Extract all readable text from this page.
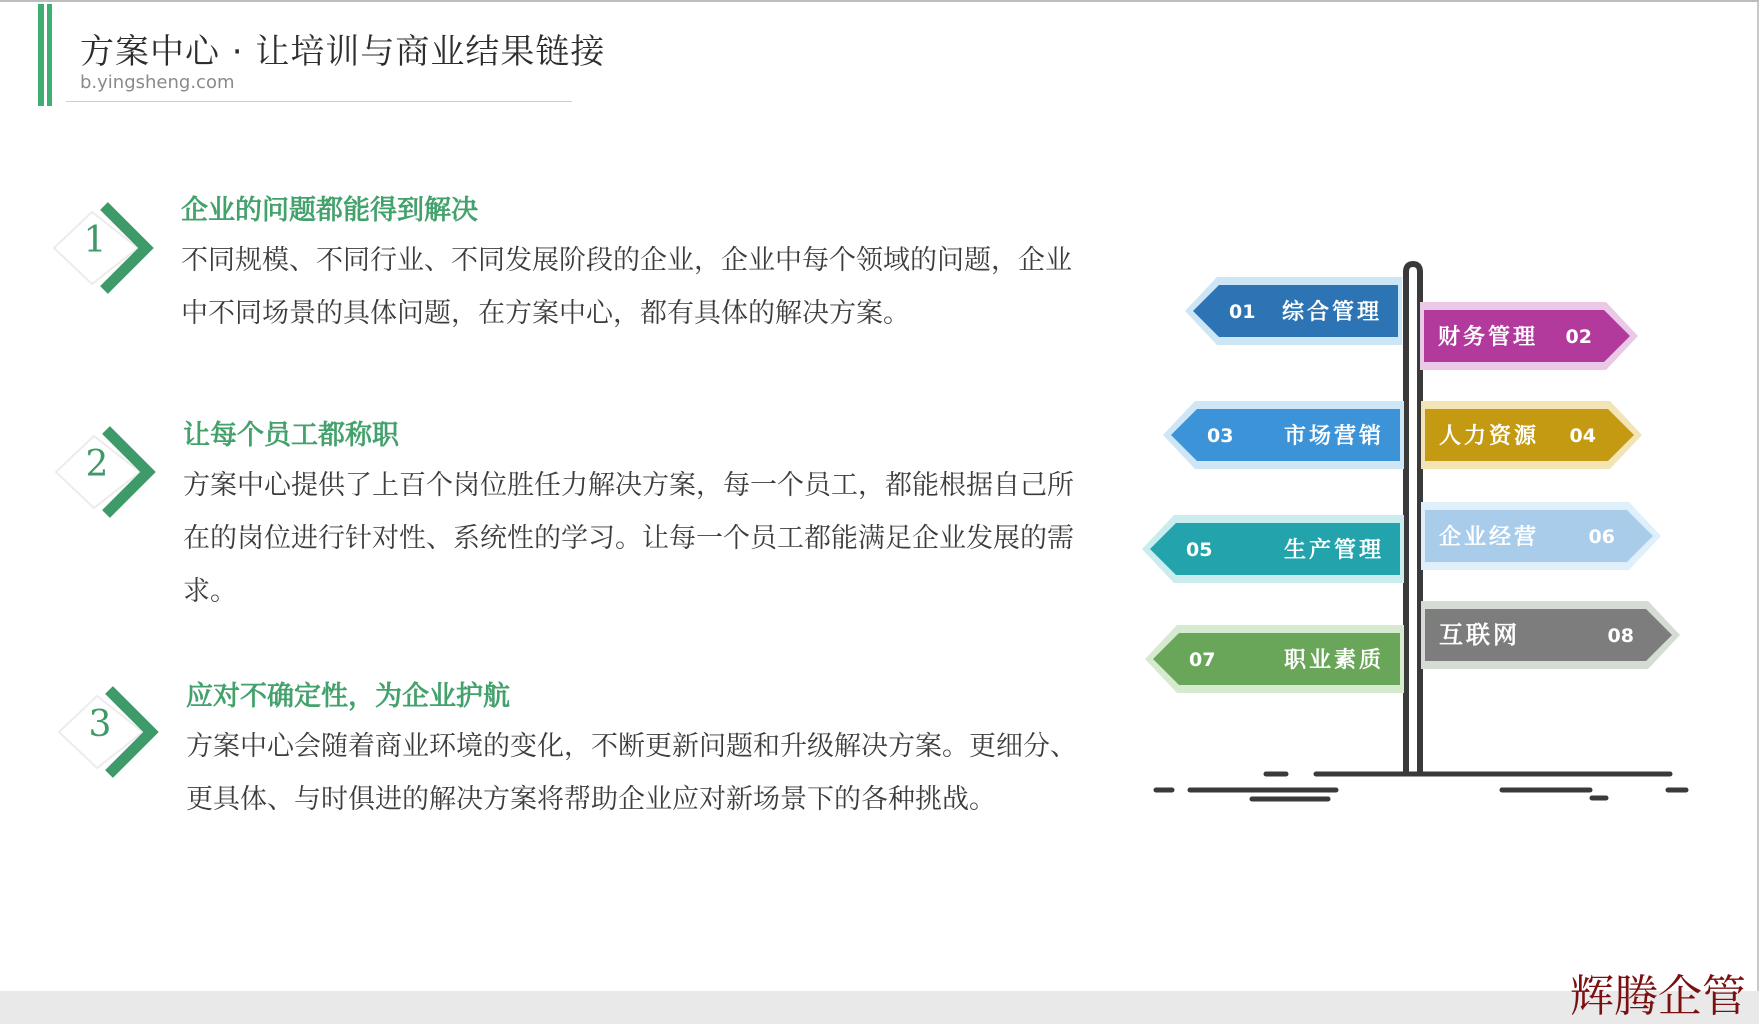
方案中心 · 让培训与商业结果链接
b.yingsheng.com
1
企业的问题都能得到解决
不同规模、不同行业、不同发展阶段的企业，企业中每个领域的问题，企业中不同场景的具体问题，在方案中心，都有具体的解决方案。
2
让每个员工都称职
方案中心提供了上百个岗位胜任力解决方案，每一个员工，都能根据自己所在的岗位进行针对性、系统性的学习。让每一个员工都能满足企业发展的需求。
3
应对不确定性，为企业护航
方案中心会随着商业环境的变化，不断更新问题和升级解决方案。更细分、更具体、与时俱进的解决方案将帮助企业应对新场景下的各种挑战。
01 综合管理
02
财务管理
03 市场营销	04
人力资源
05	生产管理
06
企业经营
07	职业素质
08
互联网
辉腾企管
